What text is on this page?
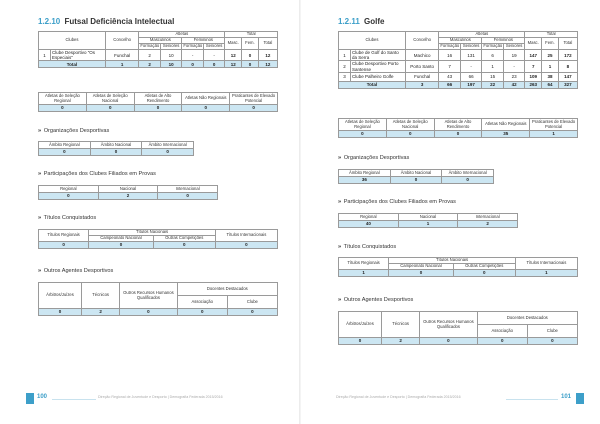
1.2.10 Futsal Deficiência Intelectual
Clubes		Concelho	Atletas				Total		
			Masculinos		Femininos		Masc.	Fem.	Total
			Formação	Seniores	Formação	Seniores			
1	Clube Desportivo "Os Especiais"	Funchal	2	10	-	-	12	0	12
Total		1	2	10	0	0	12	0	12
Atletas de Seleção Regional	Atletas de Seleção Nacional	Atletas de Alto Rendimento	Atletas Não Regionais	Praticantes de Elevado Potencial
0	0	0	0	0
» Organizações Desportivas
Âmbito Regional	Âmbito Nacional	Âmbito Internacional
0	0	0
» Participações dos Clubes Filiados em Provas
Regional	Nacional	Internacional
0	2	0
» Títulos Conquistados
Títulos Regionais	Títulos Nacionais		Títulos Internacionais
	Campeonato Nacional	Outras Competições	
0	0	0	0
» Outros Agentes Desportivos
Árbitros/Juízes	Técnicos	Outros Recursos Humanos Qualificados	Docentes Destacados	
			Associação	Clube
0	2	0	0	0
100	Direção Regional de Juventude e Desporto | Demografia Federada 2015/2016
1.2.11 Golfe
Clubes		Concelho	Atletas				Total		
			Masculinos		Femininos		Masc.	Fem.	Total
			Formação	Seniores	Formação	Seniores			
1	Clube de Golf do Santo da Serra	Machico	16	131	6	19	147	25	172
2	Clube Desportivo Porto Santense	Porto Santo	7	-	1	-	7	1	8
3	Clube Palheiro Golfe	Funchal	43	66	15	23	109	38	147
Total		3	66	197	22	42	263	64	327
Atletas de Seleção Regional	Atletas de Seleção Nacional	Atletas de Alto Rendimento	Atletas Não Regionais	Praticantes de Elevado Potencial
0	0	0	35	1
» Organizações Desportivas
Âmbito Regional	Âmbito Nacional	Âmbito Internacional
36	0	0
» Participações dos Clubes Filiados em Provas
Regional	Nacional	Internacional
40	1	2
» Títulos Conquistados
Títulos Regionais	Títulos Nacionais		Títulos Internacionais
	Campeonato Nacional	Outras Competições	
1	0	0	1
» Outros Agentes Desportivos
Árbitros/Juízes	Técnicos	Outros Recursos Humanos Qualificados	Docentes Destacados	
			Associação	Clube
0	2	0	0	0
Direção Regional de Juventude e Desporto | Demografia Federada 2015/2016	101
